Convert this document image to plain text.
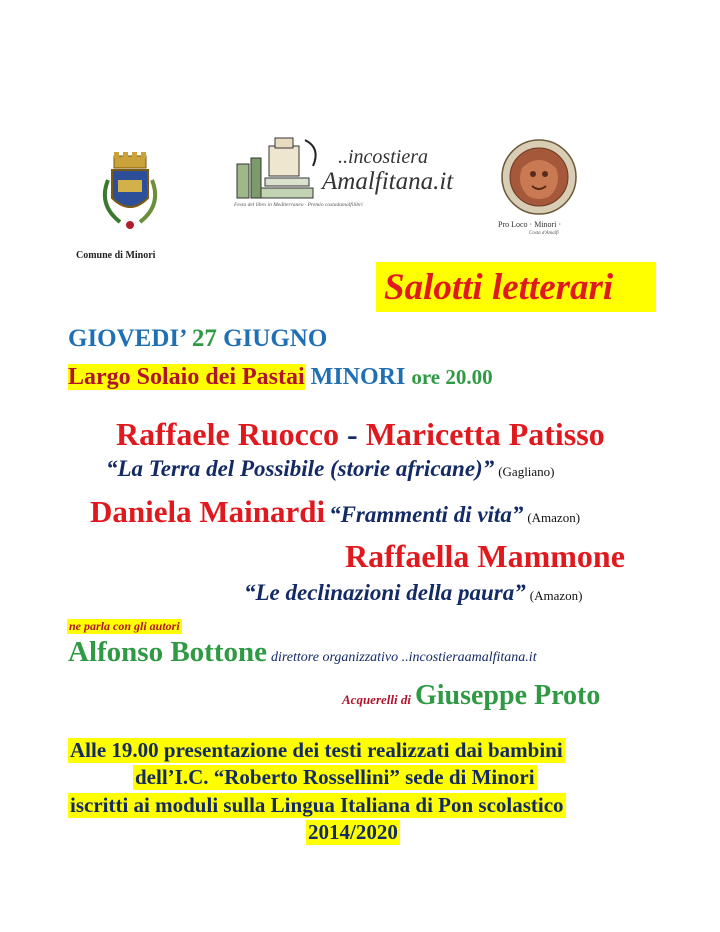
Comune di Minori
..incostiera
Amalfitana.it
Festa del libro in Mediterraneo · Premio costadamalfilibri
Pro Loco · Minori ·
Costa d'Amalfi
Salotti letterari
GIOVEDI’ 27 GIUGNO
Largo Solaio dei Pastai MINORI ore 20.00
Raffaele Ruocco - Maricetta Patisso
“La Terra del Possibile (storie africane)” (Gagliano)
Daniela Mainardi “Frammenti di vita” (Amazon)
Raffaella Mammone
“Le declinazioni della paura” (Amazon)
ne parla con gli autori
Alfonso Bottone direttore organizzativo ..incostieraamalfitana.it
Acquerelli di Giuseppe Proto
Alle 19.00 presentazione dei testi realizzati dai bambini
dell’I.C. “Roberto Rossellini” sede di Minori
iscritti ai moduli sulla Lingua Italiana di Pon scolastico
2014/2020
